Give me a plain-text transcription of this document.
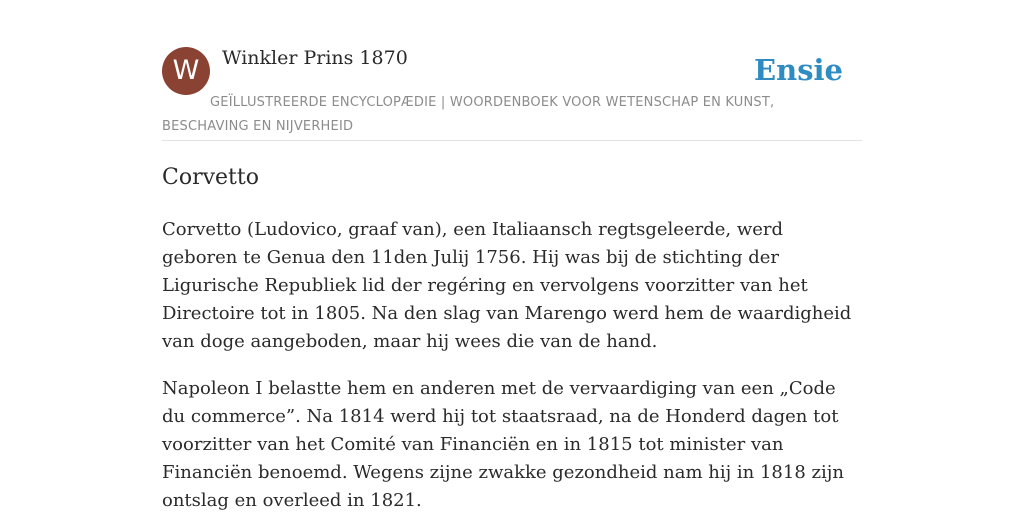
W	Winkler Prins 1870	Ensie
GEÏLLUSTREERDE ENCYCLOPÆDIE | WOORDENBOEK VOOR WETENSCHAP EN KUNST, BESCHAVING EN NIJVERHEID
Corvetto

Corvetto (Ludovico, graaf van), een Italiaansch regtsgeleerde, werd geboren te Genua den 11den Julij 1756. Hij was bij de stichting der Ligurische Republiek lid der regéring en vervolgens voorzitter van het Directoire tot in 1805. Na den slag van Marengo werd hem de waardigheid van doge aangeboden, maar hij wees die van de hand.

Napoleon I belastte hem en anderen met de vervaardiging van een „Code du commerce”. Na 1814 werd hij tot staatsraad, na de Honderd dagen tot voorzitter van het Comité van Financiën en in 1815 tot minister van Financiën benoemd. Wegens zijne zwakke gezondheid nam hij in 1818 zijn ontslag en overleed in 1821.
